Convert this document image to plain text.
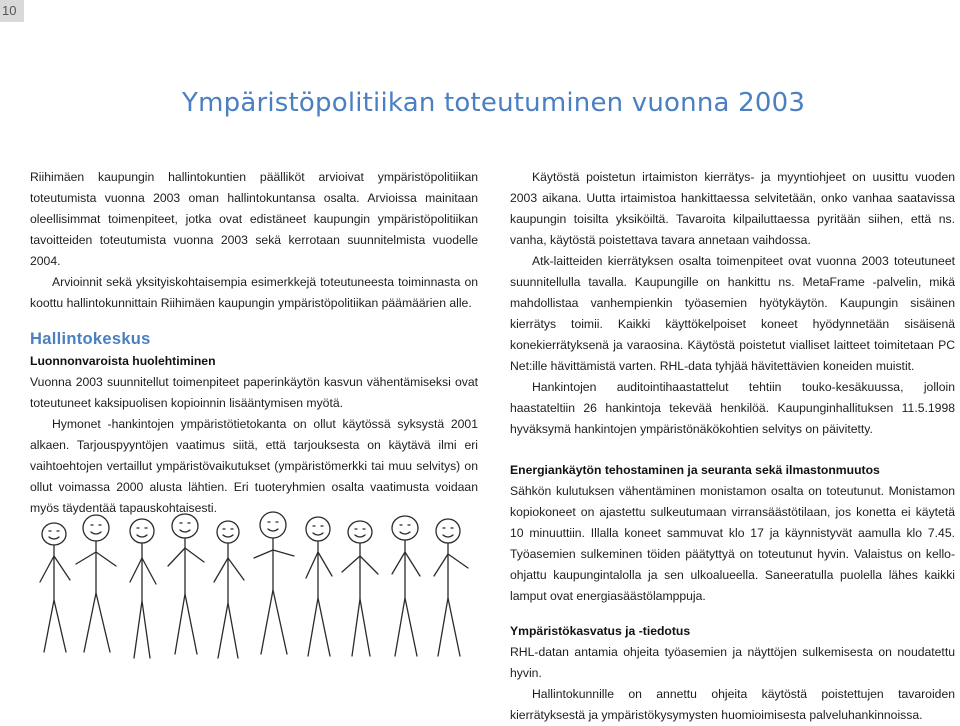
10
Ympäristöpolitiikan toteutuminen vuonna 2003

Riihimäen kaupungin hallintokuntien päälliköt arvioivat ympäristöpolitiikan toteutumista vuonna 2003 oman hallintokuntansa osalta. Arvioissa mainitaan oleellisimmat toimenpiteet, jotka ovat edistäneet kaupungin ympäristöpolitiikan tavoitteiden toteutumista vuonna 2003 sekä kerrotaan suunnitelmista vuodelle 2004.

Arvioinnit sekä yksityiskohtaisempia esimerkkejä toteutuneesta toiminnasta on koottu hallintokunnittain Riihimäen kaupungin ympäristöpolitiikan päämäärien alle.

Hallintokeskus
Luonnonvaroista huolehtiminen

Vuonna 2003 suunnitellut toimenpiteet paperinkäytön kasvun vähentämiseksi ovat toteutuneet kaksipuolisen kopioinnin lisääntymisen myötä.

Hymonet -hankintojen ympäristötietokanta on ollut käytössä syksystä 2001 alkaen. Tarjouspyyntöjen vaatimus siitä, että tarjouksesta on käytävä ilmi eri vaihtoehtojen vertaillut ympäristövaikutukset (ympäristömerkki tai muu selvitys) on ollut voimassa 2000 alusta lähtien. Eri tuoteryhmien osalta vaatimusta voidaan myös täydentää tapauskohtaisesti.

Käytöstä poistetun irtaimiston kierrätys- ja myyntiohjeet on uusittu vuoden 2003 aikana. Uutta irtaimistoa hankittaessa selvitetään, onko vanhaa saatavissa kaupungin toisilta yksiköiltä. Tavaroita kilpailuttaessa pyritään siihen, että ns. vanha, käytöstä poistettava tavara annetaan vaihdossa.

Atk-laitteiden kierrätyksen osalta toimenpiteet ovat vuonna 2003 toteutuneet suunnitellulla tavalla. Kaupungille on hankittu ns. MetaFrame -palvelin, mikä mahdollistaa vanhempienkin työasemien hyötykäytön. Kaupungin sisäinen kierrätys toimii. Kaikki käyttökelpoiset koneet hyödynnetään sisäisenä konekierrätyksenä ja varaosina. Käytöstä poistetut vialliset laitteet toimitetaan PC Net:ille hävittämistä varten. RHL-data tyhjää hävitettävien koneiden muistit.

Hankintojen auditointihaastattelut tehtiin touko-kesäkuussa, jolloin haastateltiin 26 hankintoja tekevää henkilöä. Kaupunginhallituksen 11.5.1998 hyväksymä hankintojen ympäristönäkökohtien selvitys on päivitetty.

Energiankäytön tehostaminen ja seuranta sekä ilmastonmuutos

Sähkön kulutuksen vähentäminen monistamon osalta on toteutunut. Monistamon kopiokoneet on ajastettu sulkeutumaan virransäästötilaan, jos konetta ei käytetä 10 minuuttiin. Illalla koneet sammuvat klo 17 ja käynnistyvät aamulla klo 7.45. Työasemien sulkeminen töiden päätyttyä on toteutunut hyvin. Valaistus on kello-ohjattu kaupungintalolla ja sen ulkoalueella. Saneeratulla puolella lähes kaikki lamput ovat energiasäästölamppuja.

Ympäristökasvatus ja -tiedotus

RHL-datan antamia ohjeita työasemien ja näyttöjen sulkemisesta on noudatettu hyvin.

Hallintokunnille on annettu ohjeita käytöstä poistettujen tavaroiden kierrätyksestä ja ympäristökysymysten huomioimisesta palveluhankinnoissa.
